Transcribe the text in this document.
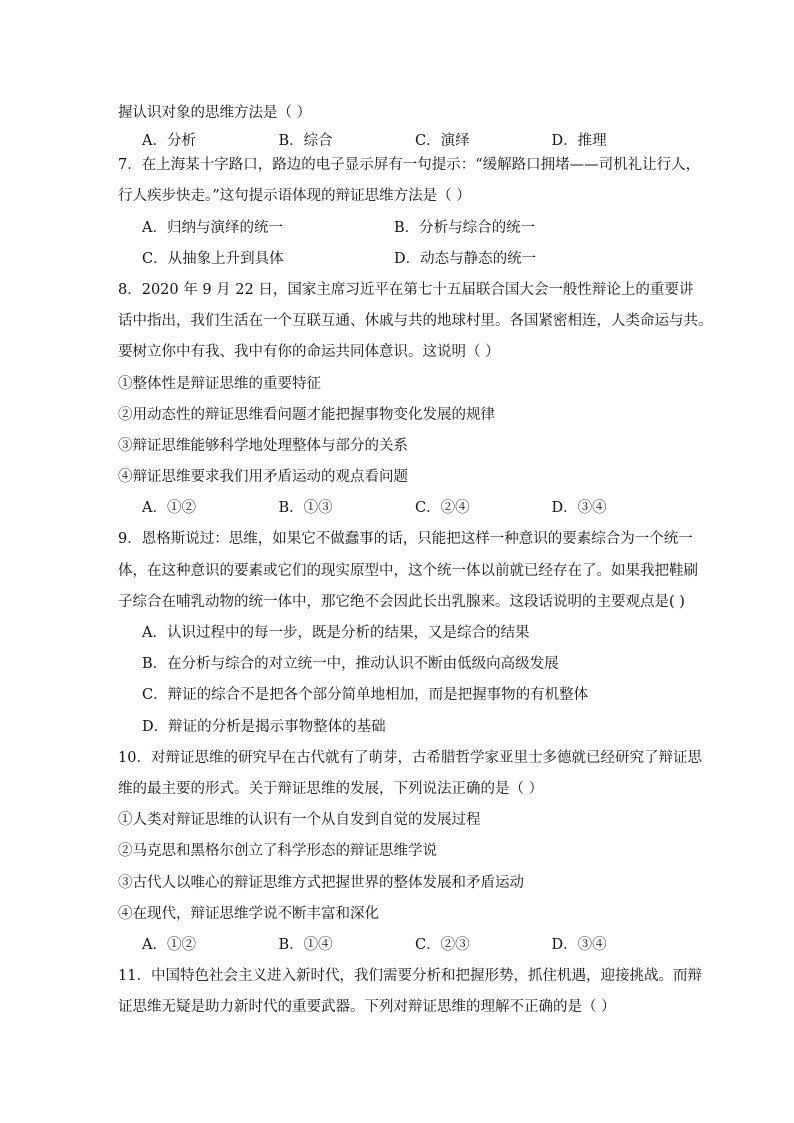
握认识对象的思维方法是（ ）
A．分析	B．综合	C．演绎	D．推理
7．在上海某十字路口，路边的电子显示屏有一句提示：“缓解路口拥堵——司机礼让行人，
行人疾步快走。”这句提示语体现的辩证思维方法是（ ）
A．归纳与演绎的统一	B．分析与综合的统一
C．从抽象上升到具体	D．动态与静态的统一
8．2020 年 9 月 22 日，国家主席习近平在第七十五届联合国大会一般性辩论上的重要讲
话中指出，我们生活在一个互联互通、休戚与共的地球村里。各国紧密相连，人类命运与共。
要树立你中有我、我中有你的命运共同体意识。这说明（ ）
①整体性是辩证思维的重要特征
②用动态性的辩证思维看问题才能把握事物变化发展的规律
③辩证思维能够科学地处理整体与部分的关系
④辩证思维要求我们用矛盾运动的观点看问题
A．①②	B．①③	C．②④	D．③④
9．恩格斯说过：思维，如果它不做蠢事的话，只能把这样一种意识的要素综合为一个统一
体，在这种意识的要素或它们的现实原型中，这个统一体以前就已经存在了。如果我把鞋刷
子综合在哺乳动物的统一体中，那它绝不会因此长出乳腺来。这段话说明的主要观点是( )
A．认识过程中的每一步，既是分析的结果，又是综合的结果
B．在分析与综合的对立统一中，推动认识不断由低级向高级发展
C．辩证的综合不是把各个部分简单地相加，而是把握事物的有机整体
D．辩证的分析是揭示事物整体的基础
10．对辩证思维的研究早在古代就有了萌芽，古希腊哲学家亚里士多德就已经研究了辩证思
维的最主要的形式。关于辩证思维的发展，下列说法正确的是（ ）
①人类对辩证思维的认识有一个从自发到自觉的发展过程
②马克思和黑格尔创立了科学形态的辩证思维学说
③古代人以唯心的辩证思维方式把握世界的整体发展和矛盾运动
④在现代，辩证思维学说不断丰富和深化
A．①②	B．①④	C．②③	D．③④
11．中国特色社会主义进入新时代，我们需要分析和把握形势，抓住机遇，迎接挑战。而辩
证思维无疑是助力新时代的重要武器。下列对辩证思维的理解不正确的是（ ）
